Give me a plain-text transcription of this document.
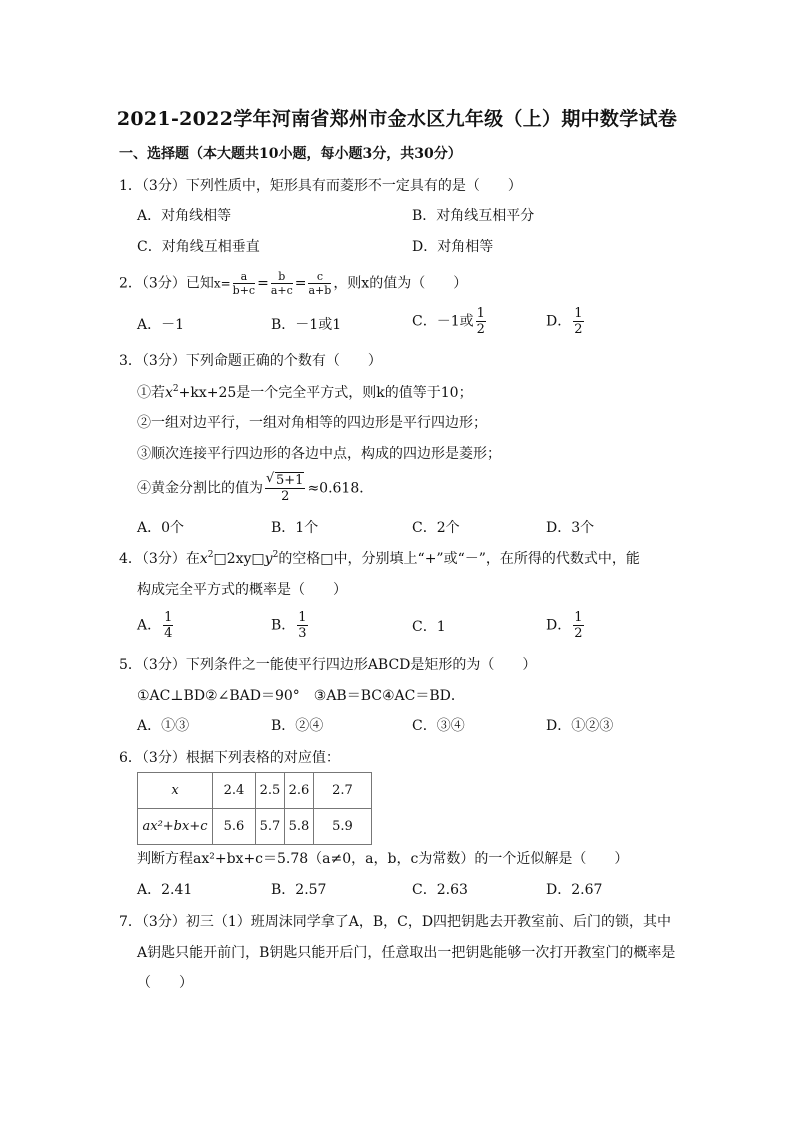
2021-2022学年河南省郑州市金水区九年级（上）期中数学试卷
一、选择题（本大题共10小题，每小题3分，共30分）
1．（3分）下列性质中，矩形具有而菱形不一定具有的是（　　）
A．对角线相等	B．对角线互相平分
C．对角线互相垂直	D．对角相等
2．（3分）已知$x= \frac{a}{b+c} = \frac{b}{a+c} = \frac{c}{a+b}$ ，则x的值为（　　）
A．－1	B．－1或1	C．－1或 $\frac{1}{2}$	D． $\frac{1}{2}$
3．（3分）下列命题正确的个数有（　　）
①若$x^2+kx+25$是一个完全平方式，则k的值等于10；
②一组对边平行，一组对角相等的四边形是平行四边形；
③顺次连接平行四边形的各边中点，构成的四边形是菱形；
④黄金分割比的值为 $\frac{√ 5+1}{2} \approx 0.618$．
A．0个	B．1个	C．2个	D．3个
4．（3分）在$x^2□2xy□y^2$的空格□中，分别填上“+”或“－”，在所得的代数式中，能
构成完全平方式的概率是（　　）
A． $\frac{1}{4}$	B． $\frac{1}{3}$	C．1	D． $\frac{1}{2}$
5．（3分）下列条件之一能使平行四边形ABCD是矩形的为（　　）
①AC⊥BD②∠BAD＝90°　③AB＝BC④AC＝BD．
A．①③	B．②④	C．③④	D．①②③
6．（3分）根据下列表格的对应值：
x	2.4	2.5	2.6	2.7
ax²+bx+c	5.6	5.7	5.8	5.9
判断方程ax²+bx+c＝5.78（a≠0，a，b，c为常数）的一个近似解是（　　）
A．2.41	B．2.57	C．2.63	D．2.67
7．（3分）初三（1）班周沫同学拿了A，B，C，D四把钥匙去开教室前、后门的锁，其中
A钥匙只能开前门，B钥匙只能开后门，任意取出一把钥匙能够一次打开教室门的概率是
（　　）
